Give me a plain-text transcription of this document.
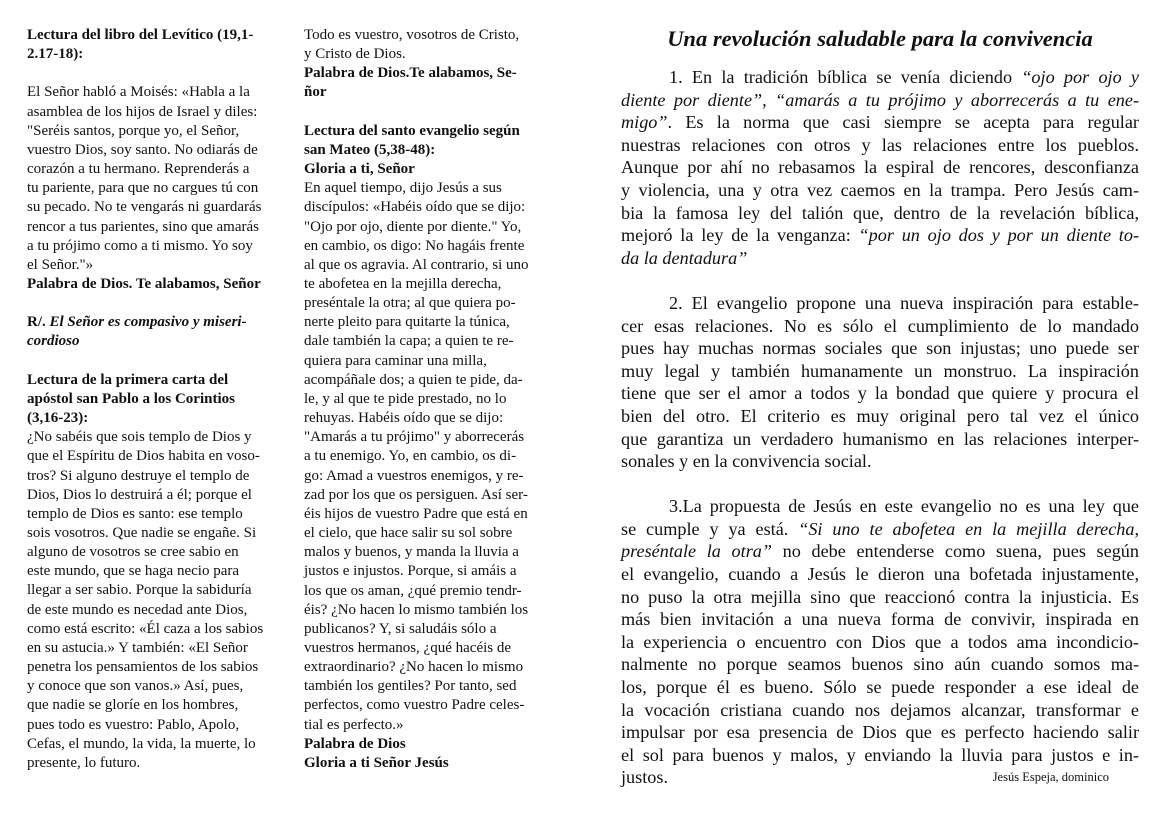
Lectura del libro del Levítico (19,1-
2.17-18):
El Señor habló a Moisés: «Habla a la
asamblea de los hijos de Israel y diles:
"Seréis santos, porque yo, el Señor,
vuestro Dios, soy santo. No odiarás de
corazón a tu hermano. Reprenderás a
tu pariente, para que no cargues tú con
su pecado. No te vengarás ni guardarás
rencor a tus parientes, sino que amarás
a tu prójimo como a ti mismo. Yo soy
el Señor."»
Palabra de Dios. Te alabamos, Señor
R/. El Señor es compasivo y miseri-
cordioso
Lectura de la primera carta del
apóstol san Pablo a los Corintios
(3,16-23):
¿No sabéis que sois templo de Dios y
que el Espíritu de Dios habita en voso-
tros? Si alguno destruye el templo de
Dios, Dios lo destruirá a él; porque el
templo de Dios es santo: ese templo
sois vosotros. Que nadie se engañe. Si
alguno de vosotros se cree sabio en
este mundo, que se haga necio para
llegar a ser sabio. Porque la sabiduría
de este mundo es necedad ante Dios,
como está escrito: «Él caza a los sabios
en su astucia.» Y también: «El Señor
penetra los pensamientos de los sabios
y conoce que son vanos.» Así, pues,
que nadie se gloríe en los hombres,
pues todo es vuestro: Pablo, Apolo,
Cefas, el mundo, la vida, la muerte, lo
presente, lo futuro.
Todo es vuestro, vosotros de Cristo,
y Cristo de Dios.
Palabra de Dios.Te alabamos, Se-
ñor
Lectura del santo evangelio según
san Mateo (5,38-48):
Gloria a ti, Señor
En aquel tiempo, dijo Jesús a sus
discípulos: «Habéis oído que se dijo:
"Ojo por ojo, diente por diente." Yo,
en cambio, os digo: No hagáis frente
al que os agravia. Al contrario, si uno
te abofetea en la mejilla derecha,
preséntale la otra; al que quiera po-
nerte pleito para quitarte la túnica,
dale también la capa; a quien te re-
quiera para caminar una milla,
acompáñale dos; a quien te pide, da-
le, y al que te pide prestado, no lo
rehuyas. Habéis oído que se dijo:
"Amarás a tu prójimo" y aborrecerás
a tu enemigo. Yo, en cambio, os di-
go: Amad a vuestros enemigos, y re-
zad por los que os persiguen. Así ser-
éis hijos de vuestro Padre que está en
el cielo, que hace salir su sol sobre
malos y buenos, y manda la lluvia a
justos e injustos. Porque, si amáis a
los que os aman, ¿qué premio tendr-
éis? ¿No hacen lo mismo también los
publicanos? Y, si saludáis sólo a
vuestros hermanos, ¿qué hacéis de
extraordinario? ¿No hacen lo mismo
también los gentiles? Por tanto, sed
perfectos, como vuestro Padre celes-
tial es perfecto.»
Palabra de Dios
Gloria a ti Señor Jesús
Una revolución saludable para la convivencia
1. En la tradición bíblica se venía diciendo “ojo por ojo y
diente por diente”, “amarás a tu prójimo y aborrecerás a tu ene-
migo”. Es la norma que casi siempre se acepta para regular
nuestras relaciones con otros y las relaciones entre los pueblos.
Aunque por ahí no rebasamos la espiral de rencores, desconfianza
y violencia, una y otra vez caemos en la trampa. Pero Jesús cam-
bia la famosa ley del talión que, dentro de la revelación bíblica,
mejoró la ley de la venganza: “por un ojo dos y por un diente to-
da la dentadura”
2. El evangelio propone una nueva inspiración para estable-
cer esas relaciones. No es sólo el cumplimiento de lo mandado
pues hay muchas normas sociales que son injustas; uno puede ser
muy legal y también humanamente un monstruo. La inspiración
tiene que ser el amor a todos y la bondad que quiere y procura el
bien del otro. El criterio es muy original pero tal vez el único
que garantiza un verdadero humanismo en las relaciones interper-
sonales y en la convivencia social.
3.La propuesta de Jesús en este evangelio no es una ley que
se cumple y ya está. “Si uno te abofetea en la mejilla derecha,
preséntale la otra” no debe entenderse como suena, pues según
el evangelio, cuando a Jesús le dieron una bofetada injustamente,
no puso la otra mejilla sino que reaccionó contra la injusticia. Es
más bien invitación a una nueva forma de convivir, inspirada en
la experiencia o encuentro con Dios que a todos ama incondicio-
nalmente no porque seamos buenos sino aún cuando somos ma-
los, porque él es bueno. Sólo se puede responder a ese ideal de
la vocación cristiana cuando nos dejamos alcanzar, transformar e
impulsar por esa presencia de Dios que es perfecto haciendo salir
el sol para buenos y malos, y enviando la lluvia para justos e in-
justos.	Jesús Espeja, dominico
